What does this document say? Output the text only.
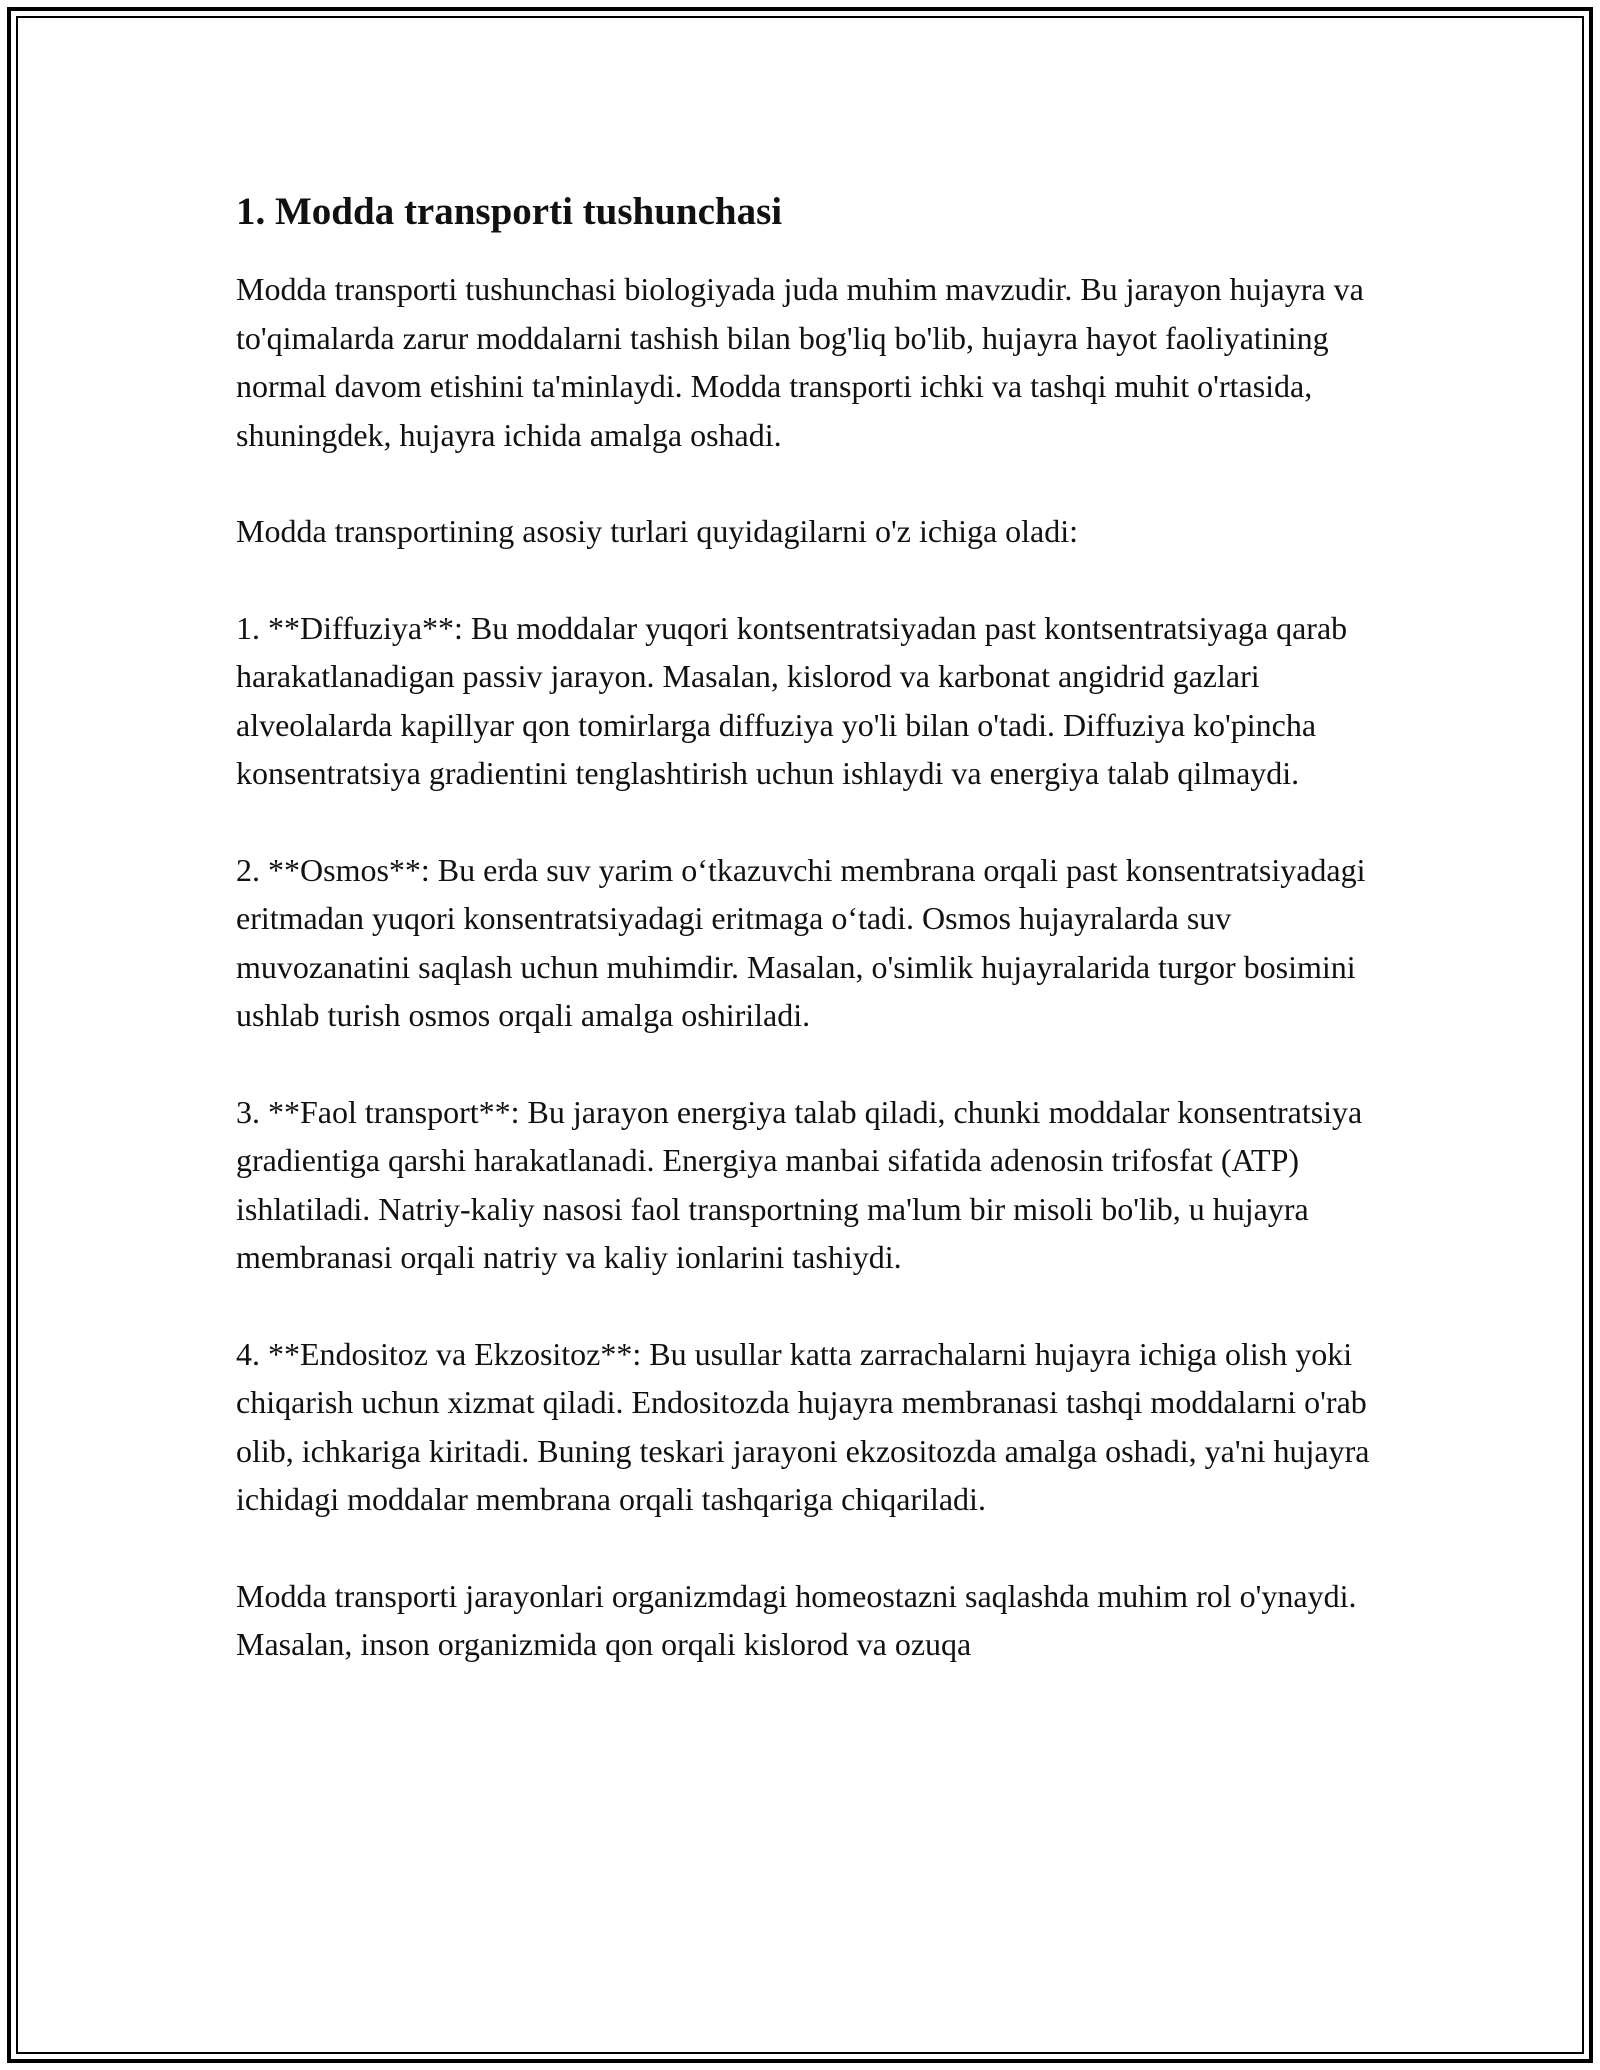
1. Modda transporti tushunchasi

Modda transporti tushunchasi biologiyada juda muhim mavzudir. Bu jarayon hujayra va to'qimalarda zarur moddalarni tashish bilan bog'liq bo'lib, hujayra hayot faoliyatining normal davom etishini ta'minlaydi. Modda transporti ichki va tashqi muhit o'rtasida, shuningdek, hujayra ichida amalga oshadi.

Modda transportining asosiy turlari quyidagilarni o'z ichiga oladi:

1. **Diffuziya**: Bu moddalar yuqori kontsentratsiyadan past kontsentratsiyaga qarab harakatlanadigan passiv jarayon. Masalan, kislorod va karbonat angidrid gazlari alveolalarda kapillyar qon tomirlarga diffuziya yo'li bilan o'tadi. Diffuziya ko'pincha konsentratsiya gradientini tenglashtirish uchun ishlaydi va energiya talab qilmaydi.

2. **Osmos**: Bu erda suv yarim o‘tkazuvchi membrana orqali past konsentratsiyadagi eritmadan yuqori konsentratsiyadagi eritmaga o‘tadi. Osmos hujayralarda suv muvozanatini saqlash uchun muhimdir. Masalan, o'simlik hujayralarida turgor bosimini ushlab turish osmos orqali amalga oshiriladi.

3. **Faol transport**: Bu jarayon energiya talab qiladi, chunki moddalar konsentratsiya gradientiga qarshi harakatlanadi. Energiya manbai sifatida adenosin trifosfat (ATP) ishlatiladi. Natriy-kaliy nasosi faol transportning ma'lum bir misoli bo'lib, u hujayra membranasi orqali natriy va kaliy ionlarini tashiydi.

4. **Endositoz va Ekzositoz**: Bu usullar katta zarrachalarni hujayra ichiga olish yoki chiqarish uchun xizmat qiladi. Endositozda hujayra membranasi tashqi moddalarni o'rab olib, ichkariga kiritadi. Buning teskari jarayoni ekzositozda amalga oshadi, ya'ni hujayra ichidagi moddalar membrana orqali tashqariga chiqariladi.

Modda transporti jarayonlari organizmdagi homeostazni saqlashda muhim rol o'ynaydi. Masalan, inson organizmida qon orqali kislorod va ozuqa
